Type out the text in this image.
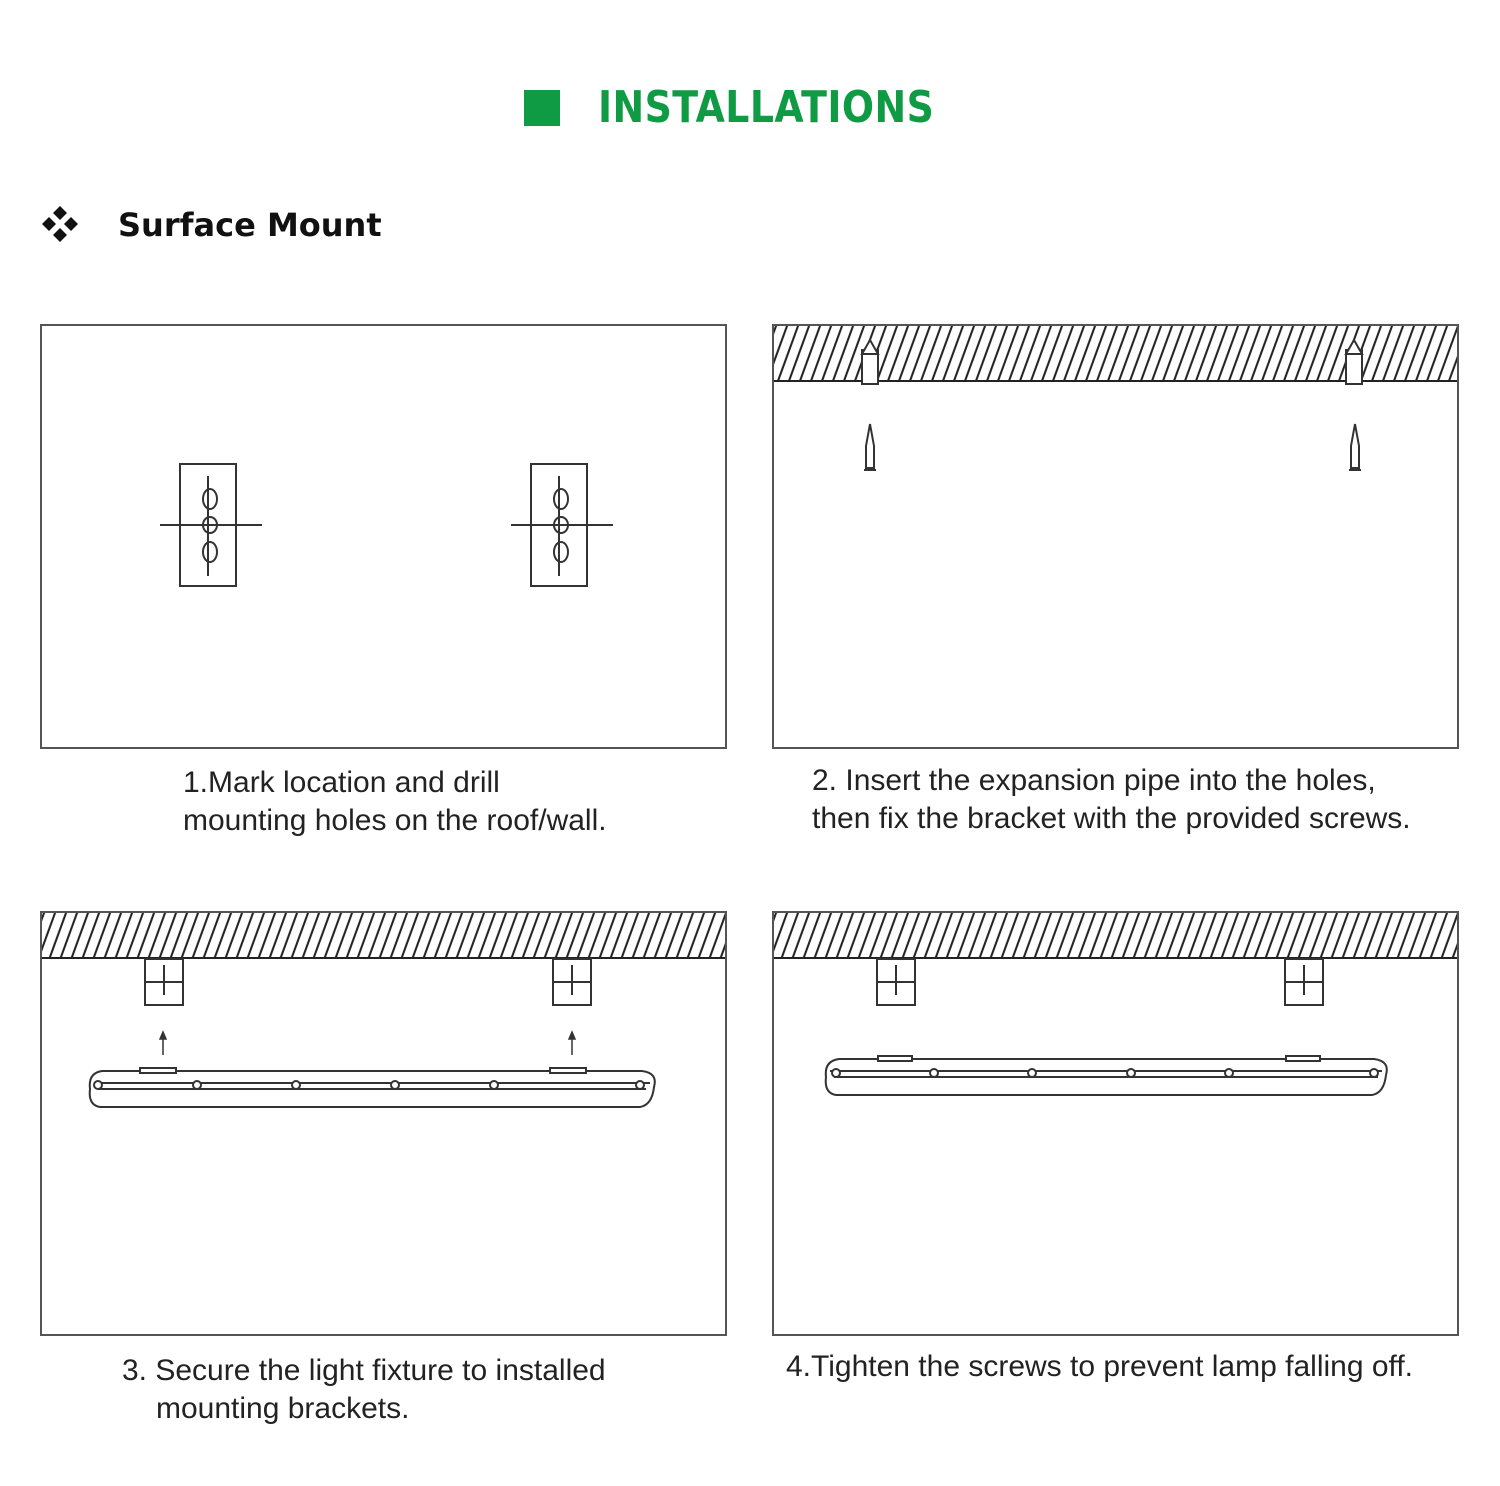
INSTALLATIONS
Surface Mount
1.Mark location and drill
mounting holes on the roof/wall.
2. Insert the expansion pipe into the holes,
then fix the bracket with the provided screws.
3. Secure the light fixture to installed
mounting brackets.
4.Tighten the screws to prevent lamp falling off.
